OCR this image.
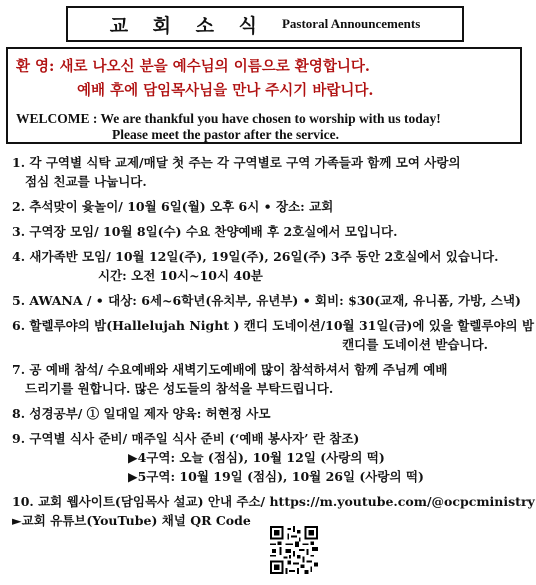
교 회 소 식 Pastoral Announcements
환 영: 새로 나오신 분을 예수님의 이름으로 환영합니다.
예배 후에 담임목사님을 만나 주시기 바랍니다.
WELCOME : We are thankful you have chosen to worship with us today!
Please meet the pastor after the service.
1. 각 구역별 식탁 교제/매달 첫 주는 각 구역별로 구역 가족들과 함께 모여 사랑의
점심 친교를 나눕니다.
2. 추석맞이 윷놀이/ 10월 6일(월) 오후 6시 • 장소: 교회
3. 구역장 모임/ 10월 8일(수) 수요 찬양예배 후 2호실에서 모입니다.
4. 새가족반 모임/ 10월 12일(주), 19일(주), 26일(주) 3주 동안 2호실에서 있습니다.
시간: 오전 10시~10시 40분
5. AWANA / • 대상: 6세~6학년(유치부, 유년부) • 회비: $30(교재, 유니폼, 가방, 스낵)
6. 할렐루야의 밤(Hallelujah Night ) 캔디 도네이션/10월 31일(금)에 있을 할렐루야의 밤
캔디를 도네이션 받습니다.
7. 공 예배 참석/ 수요예배와 새벽기도예배에 많이 참석하셔서 함께 주님께 예배
드리기를 원합니다. 많은 성도들의 참석을 부탁드립니다.
8. 성경공부/ ① 일대일 제자 양육: 허현정 사모
9. 구역별 식사 준비/ 매주일 식사 준비 (‘예배 봉사자’ 란 참조)
▶4구역: 오늘 (점심), 10월 12일 (사랑의 떡)
▶5구역: 10월 19일 (점심), 10월 26일 (사랑의 떡)
10. 교회 웹사이트(담임목사 설교) 안내 주소/ https://m.youtube.com/@ocpcministry
►교회 유튜브(YouTube) 채널 QR Code
